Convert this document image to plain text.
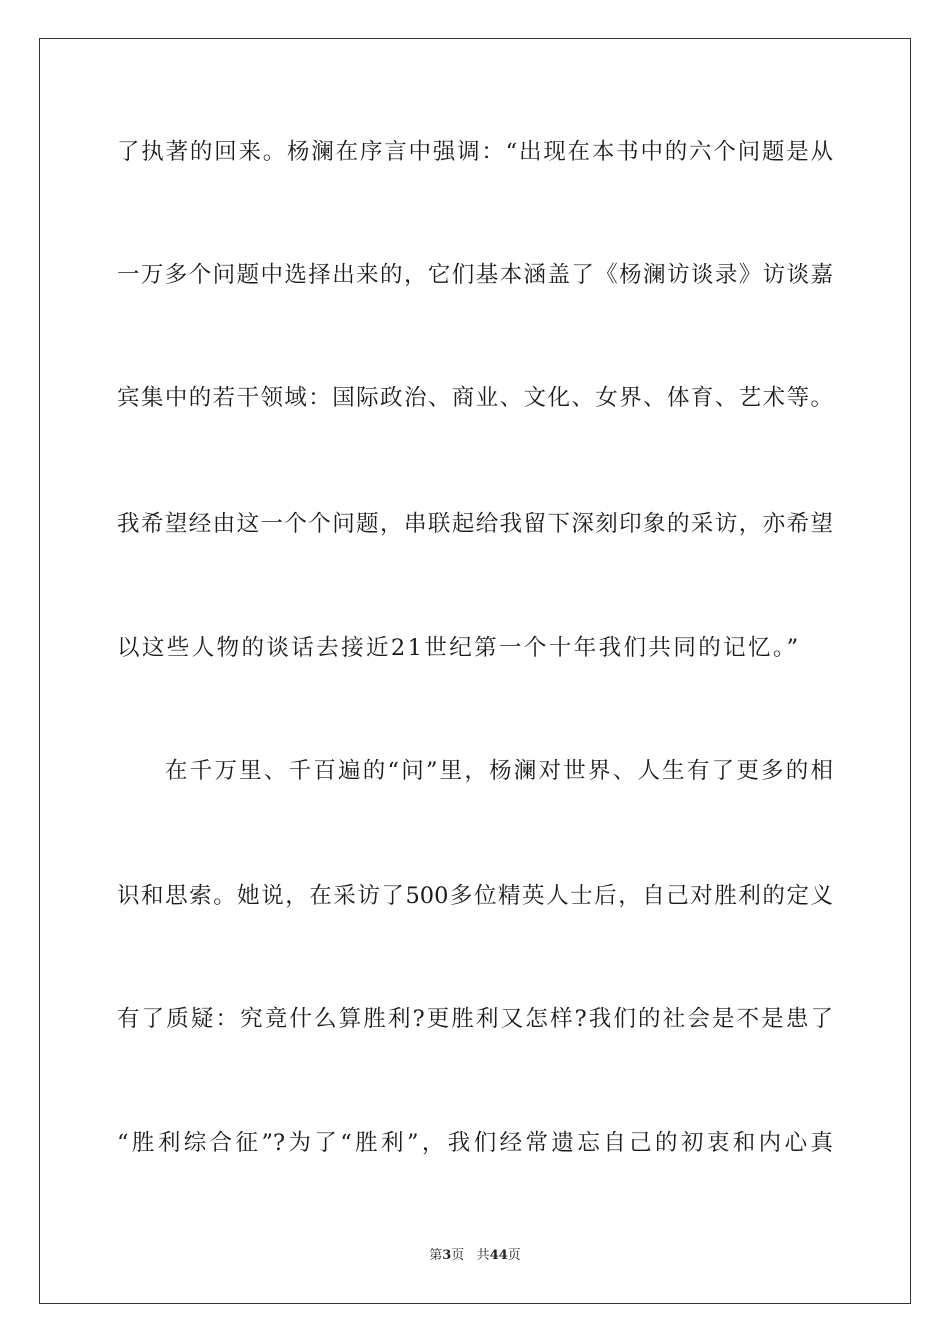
了执著的回来。杨澜在序言中强调：“出现在本书中的六个问题是从
一万多个问题中选择出来的，它们基本涵盖了《杨澜访谈录》访谈嘉
宾集中的若干领域：国际政治、商业、文化、女界、体育、艺术等。
我希望经由这一个个问题，串联起给我留下深刻印象的采访，亦希望
以这些人物的谈话去接近21世纪第一个十年我们共同的记忆。”
在千万里、千百遍的“问”里，杨澜对世界、人生有了更多的相
识和思索。她说，在采访了500多位精英人士后，自己对胜利的定义
有了质疑：究竟什么算胜利?更胜利又怎样?我们的社会是不是患了
“胜利综合征”?为了“胜利”，我们经常遗忘自己的初衷和内心真
第3页 共44页
